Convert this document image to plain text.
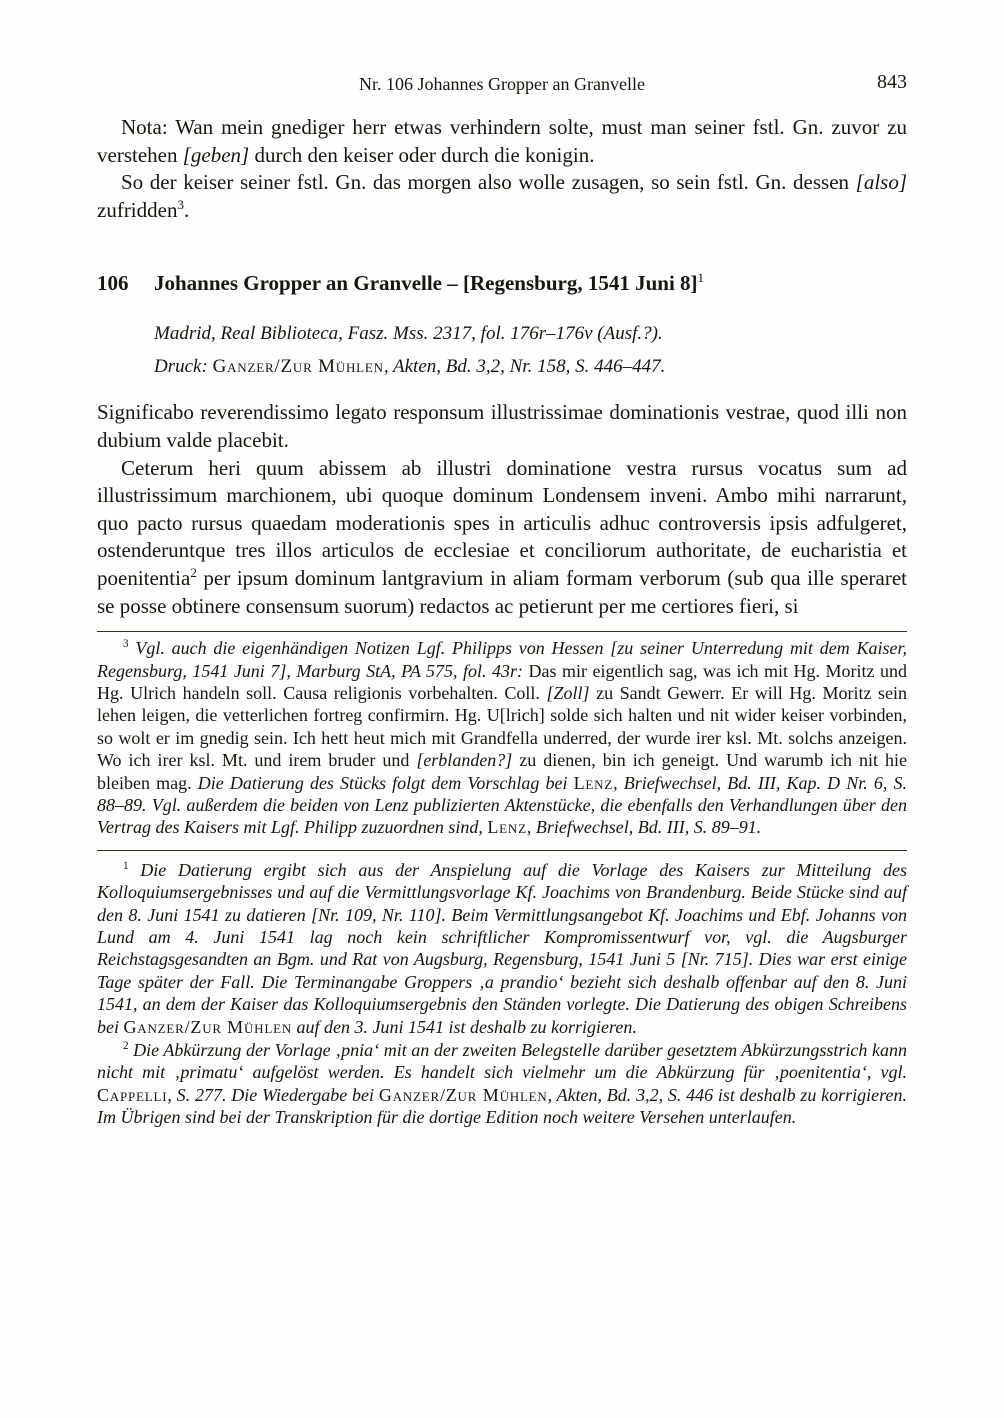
Nr. 106 Johannes Gropper an Granvelle	843

Nota: Wan mein gnediger herr etwas verhindern solte, must man seiner fstl. Gn. zuvor zu verstehen [geben] durch den keiser oder durch die konigin.

So der keiser seiner fstl. Gn. das morgen also wolle zusagen, so sein fstl. Gn. dessen [also] zufridden$^3$.

106	Johannes Gropper an Granvelle – [Regensburg, 1541 Juni 8]$^1$

Madrid, Real Biblioteca, Fasz. Mss. 2317, fol. 176r–176v (Ausf.?).

Druck: Ganzer/Zur Mühlen, Akten, Bd. 3,2, Nr. 158, S. 446–447.

Significabo reverendissimo legato responsum illustrissimae dominationis vestrae, quod illi non dubium valde placebit.

Ceterum heri quum abissem ab illustri dominatione vestra rursus vocatus sum ad illustrissimum marchionem, ubi quoque dominum Londensem inveni. Ambo mihi narrarunt, quo pacto rursus quaedam moderationis spes in articulis adhuc controversis ipsis adfulgeret, ostenderuntque tres illos articulos de ecclesiae et conciliorum authoritate, de eucharistia et poenitentia$^2$ per ipsum dominum lantgravium in aliam formam verborum (sub qua ille speraret se posse obtinere consensum suorum) redactos ac petierunt per me certiores fieri, si

$^3$ Vgl. auch die eigenhändigen Notizen Lgf. Philipps von Hessen [zu seiner Unterredung mit dem Kaiser, Regensburg, 1541 Juni 7], Marburg StA, PA 575, fol. 43r: Das mir eigentlich sag, was ich mit Hg. Moritz und Hg. Ulrich handeln soll. Causa religionis vorbehalten. Coll. [Zoll] zu Sandt Gewerr. Er will Hg. Moritz sein lehen leigen, die vetterlichen fortreg confirmirn. Hg. U[lrich] solde sich halten und nit wider keiser vorbinden, so wolt er im gnedig sein. Ich hett heut mich mit Grandfella underred, der wurde irer ksl. Mt. solchs anzeigen. Wo ich irer ksl. Mt. und irem bruder und [erblanden?] zu dienen, bin ich geneigt. Und warumb ich nit hie bleiben mag. Die Datierung des Stücks folgt dem Vorschlag bei Lenz, Briefwechsel, Bd. III, Kap. D Nr. 6, S. 88–89. Vgl. außerdem die beiden von Lenz publizierten Aktenstücke, die ebenfalls den Verhandlungen über den Vertrag des Kaisers mit Lgf. Philipp zuzuordnen sind, Lenz, Briefwechsel, Bd. III, S. 89–91.

$^1$ Die Datierung ergibt sich aus der Anspielung auf die Vorlage des Kaisers zur Mitteilung des Kolloquiumsergebnisses und auf die Vermittlungsvorlage Kf. Joachims von Brandenburg. Beide Stücke sind auf den 8. Juni 1541 zu datieren [Nr. 109, Nr. 110]. Beim Vermittlungsangebot Kf. Joachims und Ebf. Johanns von Lund am 4. Juni 1541 lag noch kein schriftlicher Kompromissentwurf vor, vgl. die Augsburger Reichstagsgesandten an Bgm. und Rat von Augsburg, Regensburg, 1541 Juni 5 [Nr. 715]. Dies war erst einige Tage später der Fall. Die Terminangabe Groppers ‚a prandio‘ bezieht sich deshalb offenbar auf den 8. Juni 1541, an dem der Kaiser das Kolloquiumsergebnis den Ständen vorlegte. Die Datierung des obigen Schreibens bei Ganzer/Zur Mühlen auf den 3. Juni 1541 ist deshalb zu korrigieren.

$^2$ Die Abkürzung der Vorlage ‚pnia‘ mit an der zweiten Belegstelle darüber gesetztem Abkürzungsstrich kann nicht mit ‚primatu‘ aufgelöst werden. Es handelt sich vielmehr um die Abkürzung für ‚poenitentia‘, vgl. Cappelli, S. 277. Die Wiedergabe bei Ganzer/Zur Mühlen, Akten, Bd. 3,2, S. 446 ist deshalb zu korrigieren. Im Übrigen sind bei der Transkription für die dortige Edition noch weitere Versehen unterlaufen.
